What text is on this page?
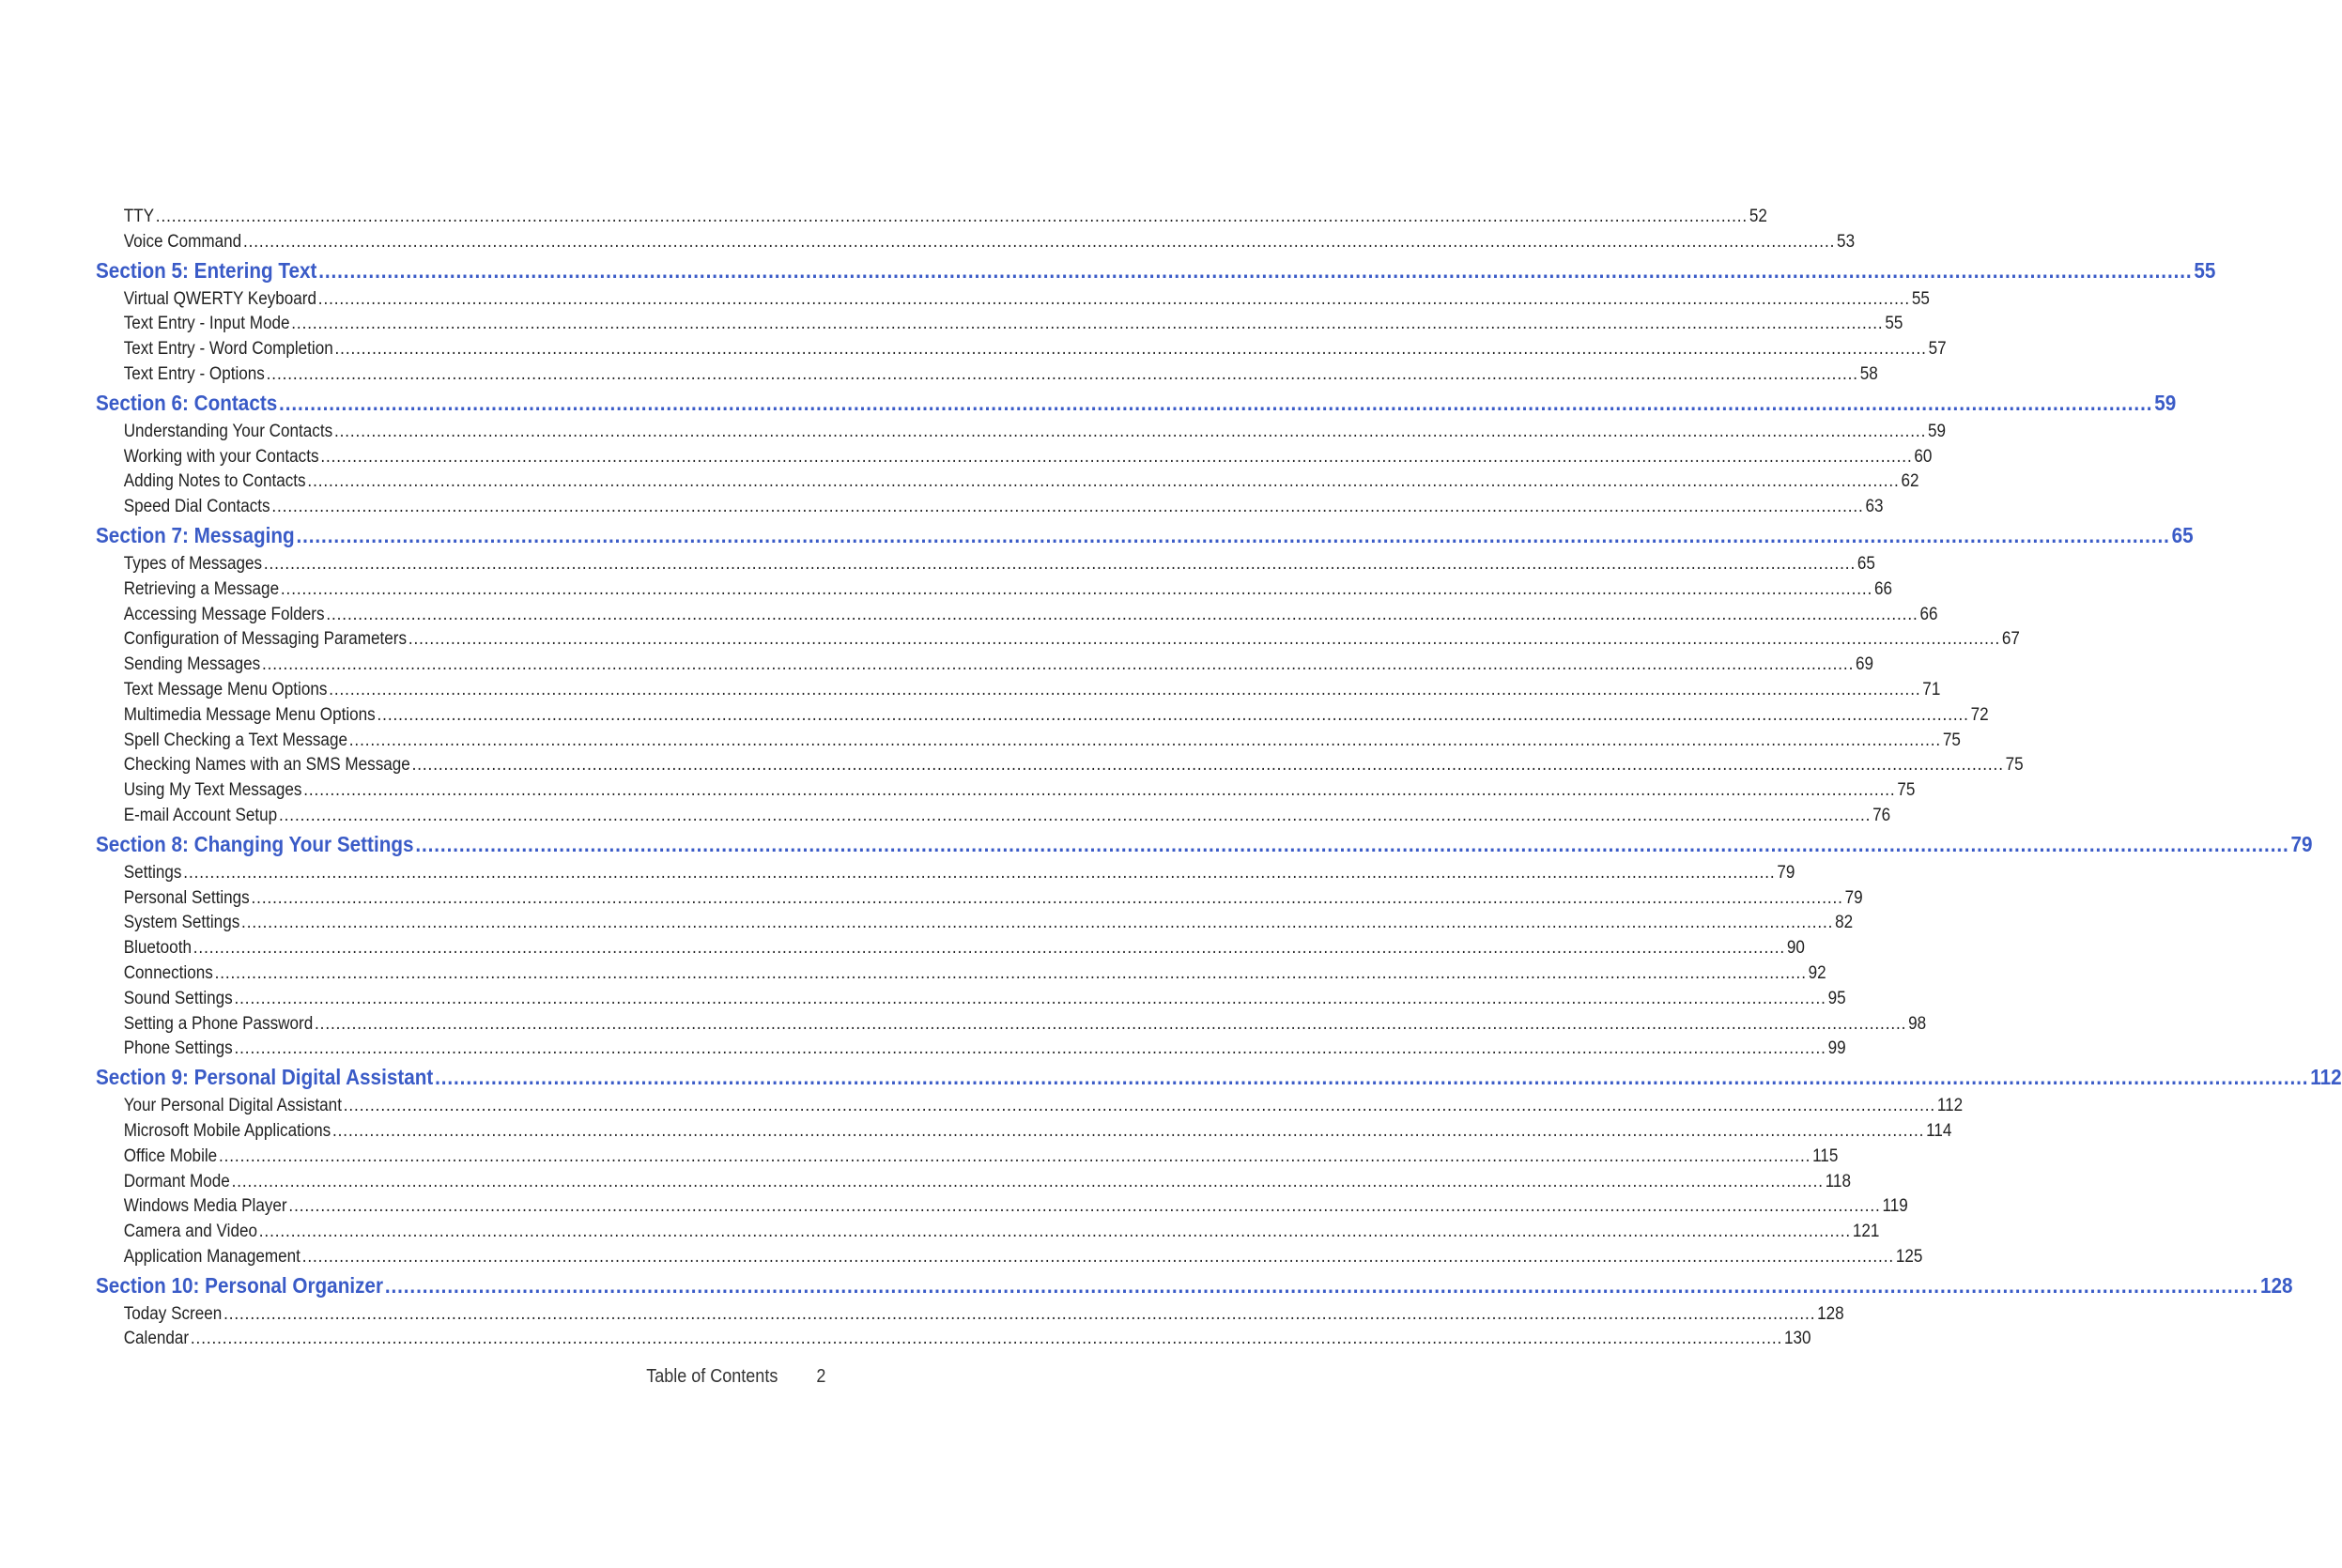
TTY ............................................................................................................................................................................................................................................................................................................ 52
Voice Command ............................................................................................................................................................................................................................................................................................................ 53
Section 5: Entering Text ............................................................................................................................................................................................................................................................................................................ 55
Virtual QWERTY Keyboard ............................................................................................................................................................................................................................................................................................................ 55
Text Entry - Input Mode ............................................................................................................................................................................................................................................................................................................ 55
Text Entry - Word Completion ............................................................................................................................................................................................................................................................................................................ 57
Text Entry - Options ............................................................................................................................................................................................................................................................................................................ 58
Section 6: Contacts ............................................................................................................................................................................................................................................................................................................ 59
Understanding Your Contacts ............................................................................................................................................................................................................................................................................................................ 59
Working with your Contacts ............................................................................................................................................................................................................................................................................................................ 60
Adding Notes to Contacts ............................................................................................................................................................................................................................................................................................................ 62
Speed Dial Contacts ............................................................................................................................................................................................................................................................................................................ 63
Section 7: Messaging ............................................................................................................................................................................................................................................................................................................ 65
Types of Messages ............................................................................................................................................................................................................................................................................................................ 65
Retrieving a Message ............................................................................................................................................................................................................................................................................................................ 66
Accessing Message Folders ............................................................................................................................................................................................................................................................................................................ 66
Configuration of Messaging Parameters ............................................................................................................................................................................................................................................................................................................ 67
Sending Messages ............................................................................................................................................................................................................................................................................................................ 69
Text Message Menu Options ............................................................................................................................................................................................................................................................................................................ 71
Multimedia Message Menu Options ............................................................................................................................................................................................................................................................................................................ 72
Spell Checking a Text Message ............................................................................................................................................................................................................................................................................................................ 75
Checking Names with an SMS Message ............................................................................................................................................................................................................................................................................................................ 75
Using My Text Messages ............................................................................................................................................................................................................................................................................................................ 75
E-mail Account Setup ............................................................................................................................................................................................................................................................................................................ 76
Section 8: Changing Your Settings ............................................................................................................................................................................................................................................................................................................ 79
Settings ............................................................................................................................................................................................................................................................................................................ 79
Personal Settings ............................................................................................................................................................................................................................................................................................................ 79
System Settings ............................................................................................................................................................................................................................................................................................................ 82
Bluetooth ............................................................................................................................................................................................................................................................................................................ 90
Connections ............................................................................................................................................................................................................................................................................................................ 92
Sound Settings ............................................................................................................................................................................................................................................................................................................ 95
Setting a Phone Password ............................................................................................................................................................................................................................................................................................................ 98
Phone Settings ............................................................................................................................................................................................................................................................................................................ 99
Section 9: Personal Digital Assistant ............................................................................................................................................................................................................................................................................................................ 112
Your Personal Digital Assistant ............................................................................................................................................................................................................................................................................................................ 112
Microsoft Mobile Applications ............................................................................................................................................................................................................................................................................................................ 114
Office Mobile ............................................................................................................................................................................................................................................................................................................ 115
Dormant Mode ............................................................................................................................................................................................................................................................................................................ 118
Windows Media Player ............................................................................................................................................................................................................................................................................................................ 119
Camera and Video ............................................................................................................................................................................................................................................................................................................ 121
Application Management ............................................................................................................................................................................................................................................................................................................ 125
Section 10: Personal Organizer ............................................................................................................................................................................................................................................................................................................ 128
Today Screen ............................................................................................................................................................................................................................................................................................................ 128
Calendar ............................................................................................................................................................................................................................................................................................................ 130
Table of Contents 2
